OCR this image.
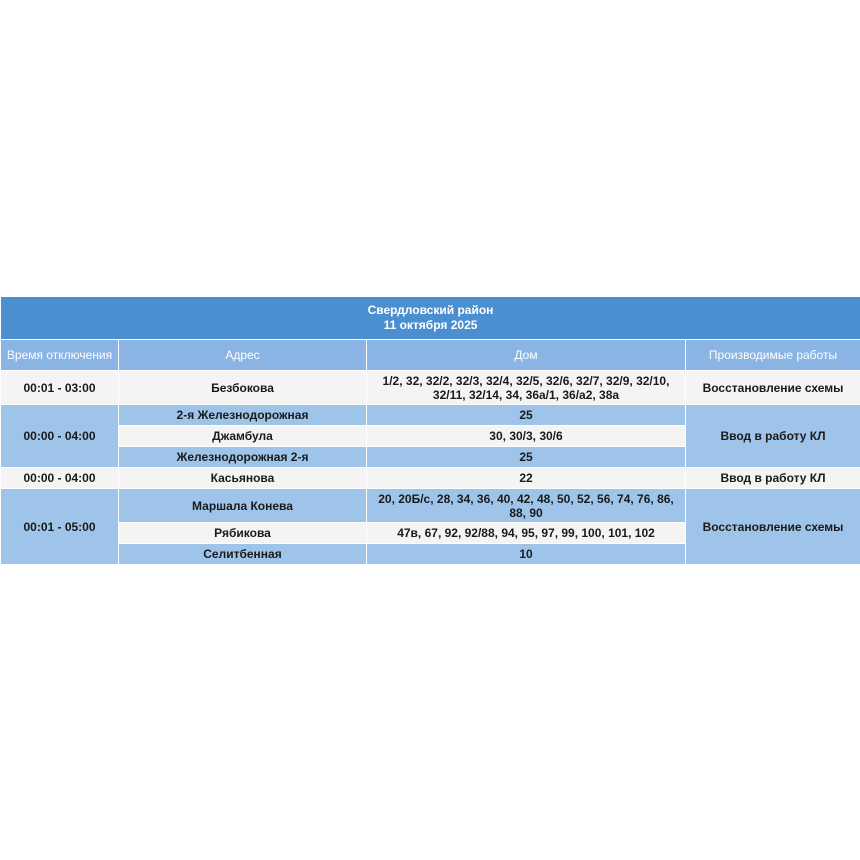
Свердловский район
11 октября 2025			

Время отключения	Адрес	Дом	Производимые работы
00:01 - 03:00	Безбокова	1/2, 32, 32/2, 32/3, 32/4, 32/5, 32/6, 32/7, 32/9, 32/10, 32/11, 32/14, 34, 36а/1, 36/а2, 38а	Восстановление схемы
00:00 - 04:00	2-я Железнодорожная	25	Ввод в работу КЛ
	Джамбула	30, 30/3, 30/6	
	Железнодорожная 2-я	25	
00:00 - 04:00	Касьянова	22	Ввод в работу КЛ
00:01 - 05:00	Маршала Конева	20, 20Б/с, 28, 34, 36, 40, 42, 48, 50, 52, 56, 74, 76, 86, 88, 90	Восстановление схемы
	Рябикова	47в, 67, 92, 92/88, 94, 95, 97, 99, 100, 101, 102	
	Селитбенная	10	
